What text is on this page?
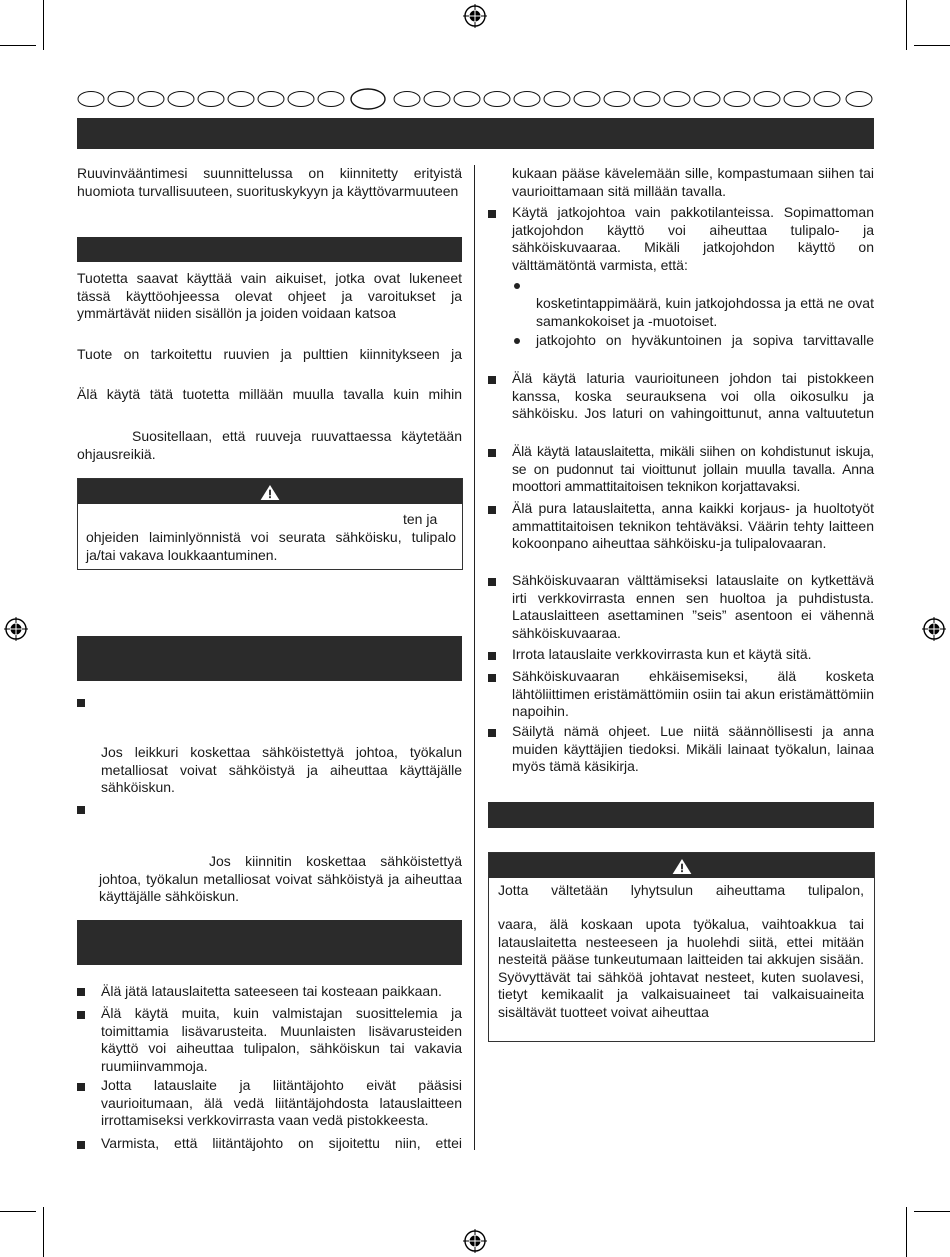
Ruuvinvääntimesi suunnittelussa on kiinnitetty erityistä huomiota turvallisuuteen, suorituskykyyn ja käyttövarmuuteen
Tuotetta saavat käyttää vain aikuiset, jotka ovat lukeneet tässä käyttöohjeessa olevat ohjeet ja varoitukset ja ymmärtävät niiden sisällön ja joiden voidaan katsoa
Tuote on tarkoitettu ruuvien ja pulttien kiinnitykseen ja
Älä käytä tätä tuotetta millään muulla tavalla kuin mihin
Suositellaan, että ruuveja ruuvattaessa käytetään ohjausreikiä.
ten ja
ohjeiden laiminlyönnistä voi seurata sähköisku, tulipalo ja/tai vakava loukkaantuminen.
Jos leikkuri koskettaa sähköistettyä johtoa, työkalun metalliosat voivat sähköistyä ja aiheuttaa käyttäjälle sähköiskun.
Jos kiinnitin koskettaa sähköistettyä johtoa, työkalun metalliosat voivat sähköistyä ja aiheuttaa käyttäjälle sähköiskun.
Älä jätä latauslaitetta sateeseen tai kosteaan paikkaan.
Älä käytä muita, kuin valmistajan suosittelemia ja toimittamia lisävarusteita. Muunlaisten lisävarusteiden käyttö voi aiheuttaa tulipalon, sähköiskun tai vakavia ruumiinvammoja.
Jotta latauslaite ja liitäntäjohto eivät pääsisi vaurioitumaan, älä vedä liitäntäjohdosta latauslaitteen irrottamiseksi verkkovirrasta vaan vedä pistokkeesta.
Varmista, että liitäntäjohto on sijoitettu niin, ettei
kukaan pääse kävelemään sille, kompastumaan siihen tai vaurioittamaan sitä millään tavalla.
Käytä jatkojohtoa vain pakkotilanteissa. Sopimattoman jatkojohdon käyttö voi aiheuttaa tulipalo- ja sähköiskuvaaraa. Mikäli jatkojohdon käyttö on välttämätöntä varmista, että:
kosketintappimäärä, kuin jatkojohdossa ja että ne ovat samankokoiset ja -muotoiset.
jatkojohto on hyväkuntoinen ja sopiva tarvittavalle
Älä käytä laturia vaurioituneen johdon tai pistokkeen kanssa, koska seurauksena voi olla oikosulku ja sähköisku. Jos laturi on vahingoittunut, anna valtuutetun
Älä käytä latauslaitetta, mikäli siihen on kohdistunut iskuja, se on pudonnut tai vioittunut jollain muulla tavalla. Anna moottori ammattitaitoisen teknikon korjattavaksi.
Älä pura latauslaitetta, anna kaikki korjaus- ja huoltotyöt ammattitaitoisen teknikon tehtäväksi. Väärin tehty laitteen kokoonpano aiheuttaa sähköisku-ja tulipalovaaran.
Sähköiskuvaaran välttämiseksi latauslaite on kytkettävä irti verkkovirrasta ennen sen huoltoa ja puhdistusta. Latauslaitteen asettaminen ”seis” asentoon ei vähennä sähköiskuvaaraa.
Irrota latauslaite verkkovirrasta kun et käytä sitä.
Sähköiskuvaaran ehkäisemiseksi, älä kosketa lähtöliittimen eristämättömiin osiin tai akun eristämättömiin napoihin.
Säilytä nämä ohjeet. Lue niitä säännöllisesti ja anna muiden käyttäjien tiedoksi. Mikäli lainaat työkalun, lainaa myös tämä käsikirja.
Jotta vältetään lyhytsulun aiheuttama tulipalon,
vaara, älä koskaan upota työkalua, vaihtoakkua tai latauslaitetta nesteeseen ja huolehdi siitä, ettei mitään nesteitä pääse tunkeutumaan laitteiden tai akkujen sisään. Syövyttävät tai sähköä johtavat nesteet, kuten suolavesi, tietyt kemikaalit ja valkaisuaineet tai valkaisuaineita sisältävät tuotteet voivat aiheuttaa
